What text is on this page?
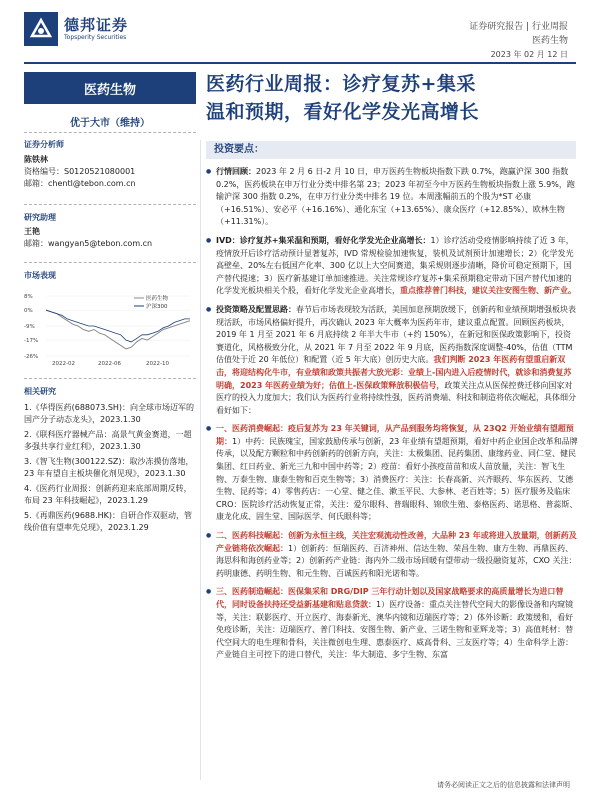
德邦证券
Topsperity Securities
证券研究报告 | 行业周报
医药生物
2023 年 02 月 12 日
医药生物
优于大市（维持）
证券分析师
陈铁林
资格编号：S0120521080001
邮箱：chentl@tebon.com.cn
研究助理
王艳
邮箱：wangyan5@tebon.com.cn
市场表现
8%
0%
-9%
-17%
-26%
2022-02	2022-06	2022-10
医药生物
沪深300
相关研究
1.《华得医药(688073.SH)：向全球市场迈军的国产分子动态龙头》，2023.1.30
2.《联科医疗器械产品：高景气黄金赛道，一超多强共享行业红利》，2023.1.30
3.《智飞生物(300122.SZ)：取沙冻摸仿落地，23 年有望自主板块催化剂见现》，2023.1.30
4.《医药行业周报：创新药迎来底部周期反转，布局 23 年科技崛起》，2023.1.29
5.《再鼎医药(9688.HK)：自研合作双驱动，管线价值有望率先兑现》，2023.1.29
医药行业周报：诊疗复苏+集采
温和预期，看好化学发光高增长
投资要点：

● 行情回顾：2023 年 2 月 6 日-2 月 10 日，申万医药生物板块指数下跌 0.7%，跑赢沪深 300 指数 0.2%，医药板块在申万行业分类中排名第 23；2023 年初至今中万医药生物板块指数上涨 5.9%，跑输沪深 300 指数 0.2%，在申万行业分类中排名 19 位。本周涨幅前五的个股为*ST 必康（+16.51%）、安必平（+16.16%）、通化东宝（+13.65%）、康众医疗（+12.85%）、欧林生物（+11.31%）。

● IVD：诊疗复苏+集采温和预期，看好化学发光企业高增长：1）诊疗活动受疫情影响持续了近 3 年，疫情放开后诊疗活动预计显著复苏，IVD 常规检验加速恢复，装机及试剂预计加速增长；2）化学发光高壁垒、20%左右低国产化率、300 亿以上大空间赛道，集采规则逐步清晰，降价可稳定预期下，国产替代提速；3）医疗新基建订单加速推进。关注常规诊疗复苏+集采预期稳定带动下国产替代加速的化学发光板块相关个股，看好化学发光企业高增长，重点推荐普门科技，建议关注安图生物、新产业。

● 投资策略及配置思路：春节后市场表现较为活跃，美国加息预期放缓下，创新药和业绩预期增强板块表现活跃，市场风格偏好提升，再次确认 2023 年大概率为医药年市，建议重点配置。回顾医药板块，2019 年 1 月至 2021 年 6 月底持续 2 年半大牛市（+约 150%），在新冠和医保政策影响下，投资赛道化，风格极致分化，从 2021 年 7 月至 2022 年 9 月底，医药指数深度调整-40%，估值（TTM 估值处于近 20 年低位）和配置（近 5 年大底）创历史大底。我们判断 2023 年医药有望重启新双击，将迎结构化牛市，有业绩和政策共振者大放光彩：业绩上-国内进入后疫情时代，就诊和消费复苏明确，2023 年医药业绩为好；估值上-医保政策释放积极信号，政策关注点从医保控费迁移向国家对医疗的投入力度加大；我们认为医药行业将持续性强，医药消费端、科技和制造将依次崛起，具体细分看好如下：

● 一、医药消费崛起：疫后复苏为 23 年关键词，从产品到服务均将恢复，从 23Q2 开始业绩有望超预期：1）中药：民族瑰宝，国家鼓励传承与创新，23 年业绩有望超预期，看好中药企业国企改革和品牌传承，以及配方颗粒和中药创新药的创新方向，关注：太极集团、昆药集团、康缘药业、同仁堂、健民集团、红日药业、新光三九和中国中药等；2）疫苗：看好小孩疫苗苗和成人苗放量，关注：智飞生物、万泰生物、康泰生物和百克生物等；3）消费医疗：关注：长春高新、兴齐眼药、华东医药、艾德生物、昆药等；4）零售药店：一心堂、健之佳、漱玉平民、大参林、老百姓等；5）医疗服务及临床 CRO：医院诊疗活动恢复正常，关注：爱尔眼科、普瑞眼科、锦欣生殖、泰格医药、诺思格、普蕊斯、康龙化成、固生堂、国际医学、何氏眼科等；

● 二、医药科技崛起：创新为永恒主线，关注宏观流动性改善，大品种 23 年或将进入放量期，创新药及产业链将依次崛起：1）创新药：恒瑞医药、百济神州、信达生物、荣昌生物、康方生物、再鼎医药、海思科和海创药业等；2）创新药产业链：海内外二级市场回暖有望带动一级投融资复苏，CXO 关注：药明康德、药明生物、和元生物、百诚医药和阳光诺和等。

● 三、医药制造崛起：医保集采和 DRG/DIP 三年行动计划以及国家战略要求的高质量增长为进口替代，同时设备扶持还受益新基建和贴息贷款：1）医疗设备：重点关注替代空间大的影像设备和内窥镜等，关注：联影医疗、开立医疗、海泰新光、澳华内镜和迈瑞医疗等；2）体外诊断：政策缓和，看好免疫诊断，关注：迈瑞医疗、普门科技、安图生物、新产业、三诺生物和亚辉龙等；3）高值耗材：替代空间大的电生理和骨科，关注微创电生理、惠泰医疗、威高骨科、三友医疗等；4）生命科学上游：产业链自主可控下的进口替代，关注：华大制造、多宁生物、东富

请务必阅读正文之后的信息披露和法律声明
